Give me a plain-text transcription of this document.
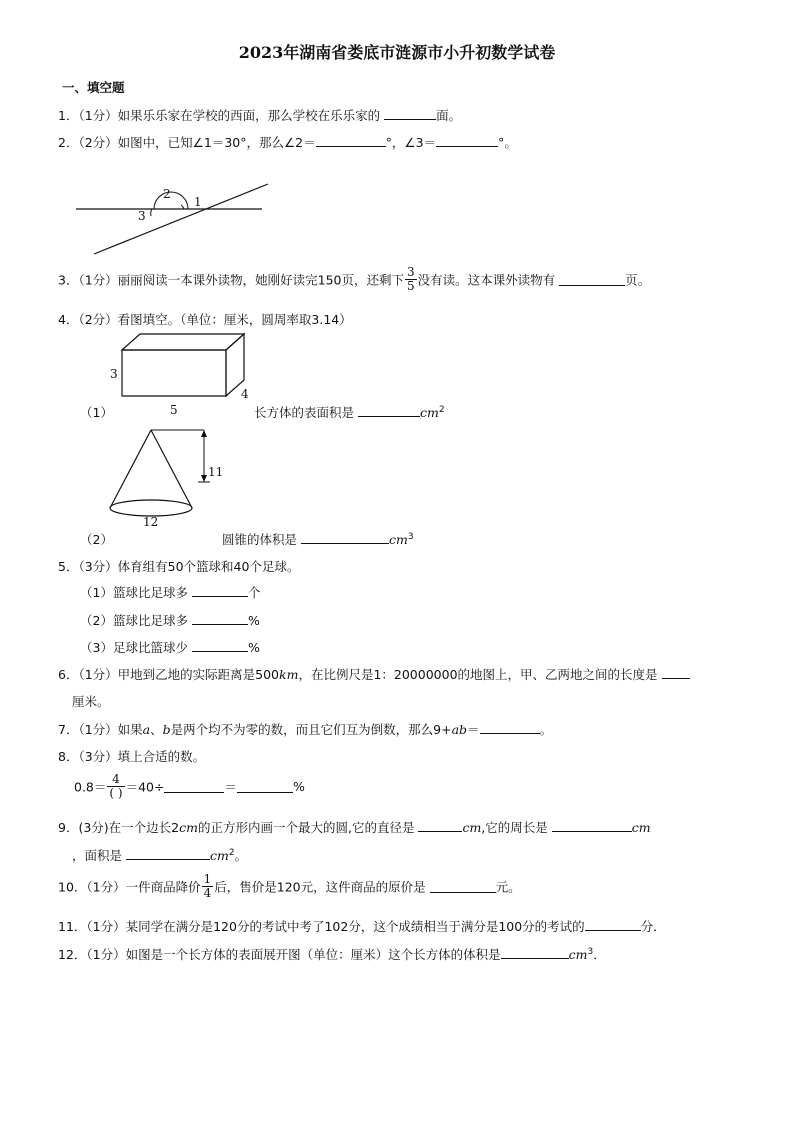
2023年湖南省娄底市涟源市小升初数学试卷
一、填空题
1．（1分）如果乐乐家在学校的西面，那么学校在乐乐家的	面。
2．（2分）如图中，已知∠1＝30°，那么∠2＝	°，∠3＝	°。
2
1
3
3．（1分）丽丽阅读一本课外读物，她刚好读完150页，还剩下 $\frac{3}{5}$ 没有读。这本课外读物有	页。
4．（2分）看图填空。（单位：厘米，圆周率取3.14）
3
4
5
（1）	长方体的表面积是	$cm^2$
11
12
（2）	圆锥的体积是	$cm^3$
5．（3分）体育组有50个篮球和40个足球。
（1）篮球比足球多	个
（2）篮球比足球多	%
（3）足球比篮球少	%
6．（1分）甲地到乙地的实际距离是500km，在比例尺是1：20000000的地图上，甲、乙两地之间的长度是
厘米。
7．（1分）如果a、b是两个均不为零的数，而且它们互为倒数，那么9+ab＝	。
8．（3分）填上合适的数。
$0.8= \frac{4}{( )} =40\div$	＝	%
9．(3分)在一个边长2cm的正方形内画一个最大的圆,它的直径是	cm,它的周长是	cm
，面积是	$cm^2$。
10．（1分）一件商品降价 $\frac{1}{4}$ 后，售价是120元，这件商品的原价是	元。
11．（1分）某同学在满分是120分的考试中考了102分，这个成绩相当于满分是100分的考试的	分．
12．（1分）如图是一个长方体的表面展开图（单位：厘米）这个长方体的体积是	$cm^3$．
